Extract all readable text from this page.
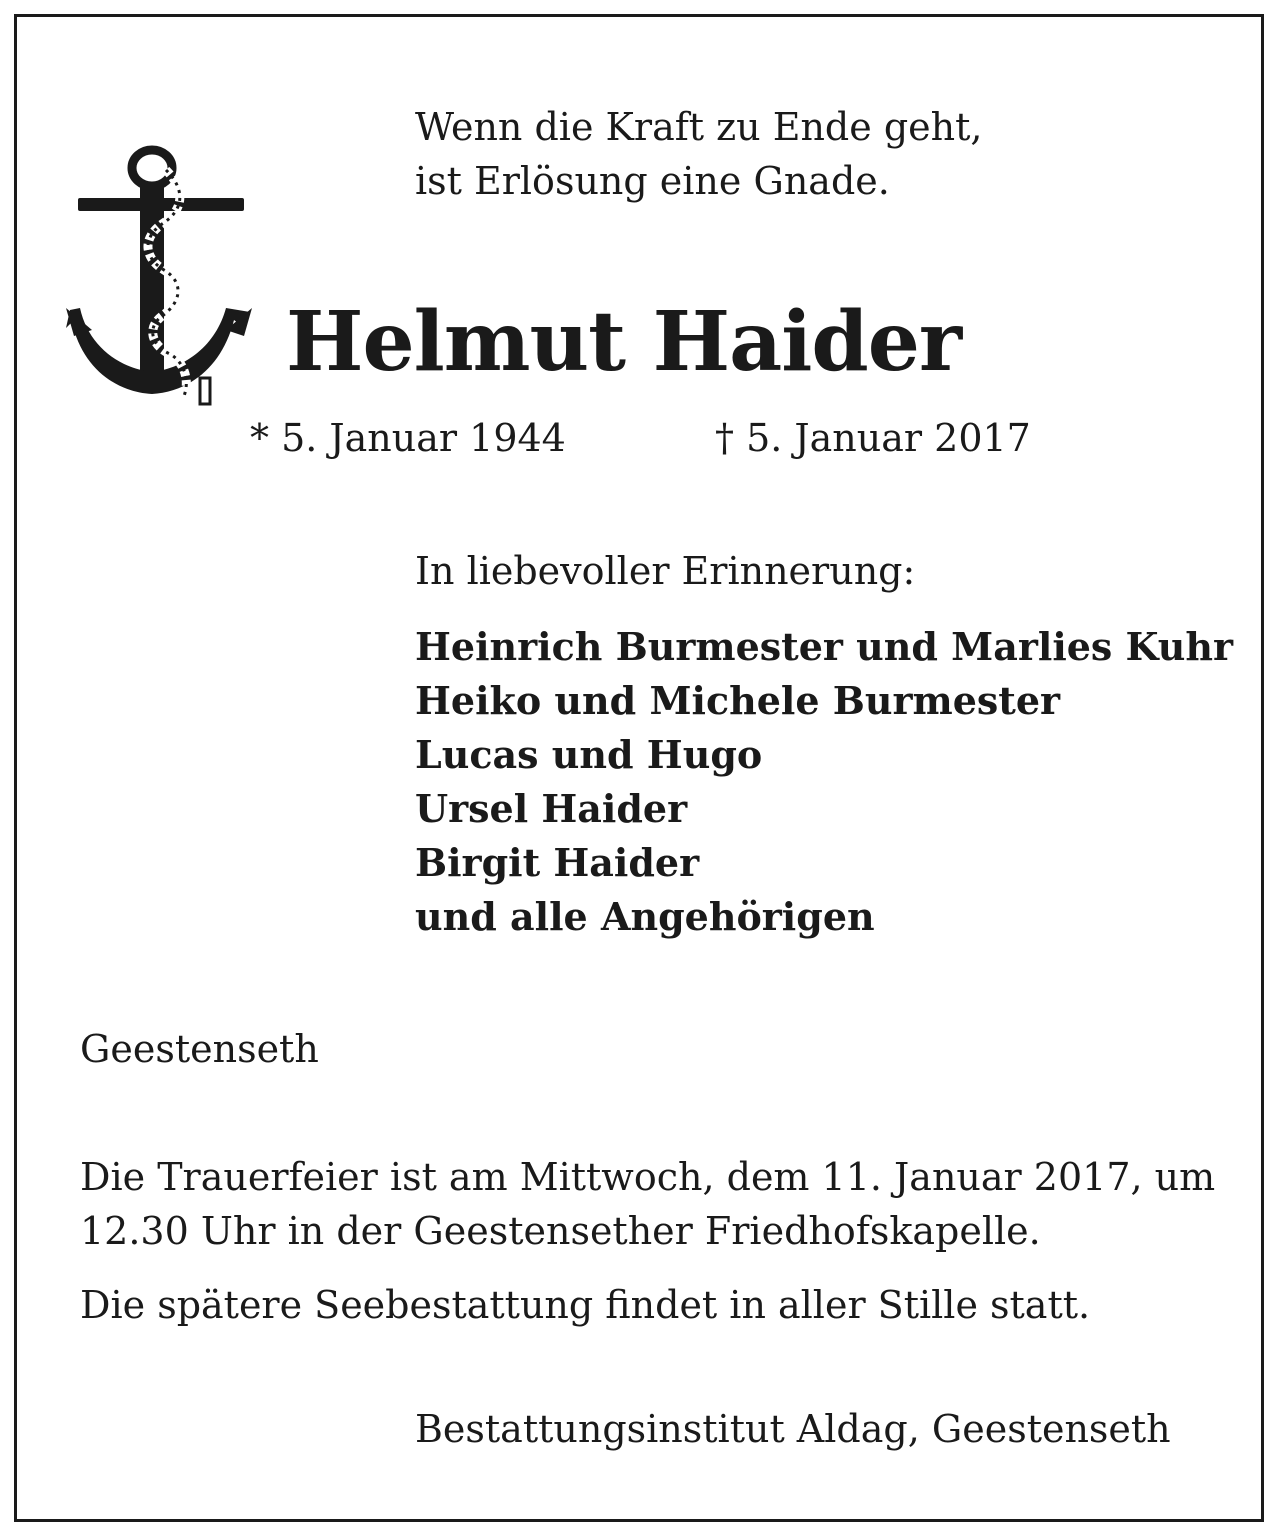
Wenn die Kraft zu Ende geht,
ist Erlösung eine Gnade.
Helmut Haider
* 5. Januar 1944	† 5. Januar 2017
In liebevoller Erinnerung:
Heinrich Burmester und Marlies Kuhr
Heiko und Michele Burmester
Lucas und Hugo
Ursel Haider
Birgit Haider
und alle Angehörigen
Geestenseth
Die Trauerfeier ist am Mittwoch, dem 11. Januar 2017, um
12.30 Uhr in der Geestensether Friedhofskapelle.
Die spätere Seebestattung findet in aller Stille statt.
Bestattungsinstitut Aldag, Geestenseth
